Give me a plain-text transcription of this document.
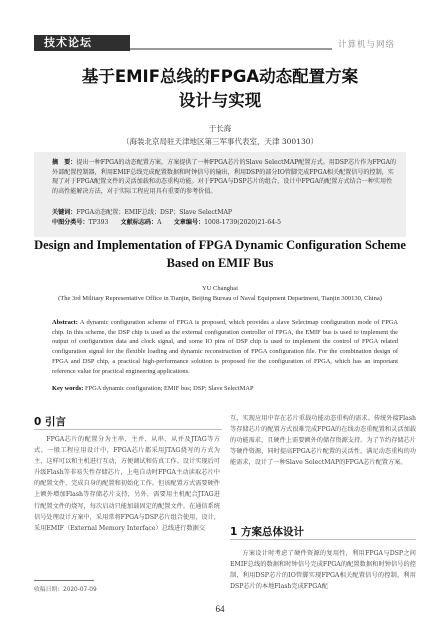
技术论坛	计算机与网络
基于EMIF总线的FPGA动态配置方案
设计与实现
于长海
（海装北京局驻天津地区第三军事代表室，天津 300130）
摘　要：提出一种FPGA的动态配置方案，方案提供了一种FPGA芯片的Slave SelectMAP配置方式。用DSP芯片作为FPGA的外部配置控制器，利用EMIF总线完成配置数据和时钟信号的输出，利用DSP的部分IO管脚完成FPGA相关配置信号的控制，实现了对于FPGA配置文件的灵活加载和动态重构功能。对于FPGA与DSP芯片的组合，设计中FPGA的配置方式结合一种实用性的高性能解决方法，对于实际工程应用具有重要的参考价值。
关键词：FPGA动态配置；EMIF总线；DSP；Slave SelectMAP
中图分类号：TP393　　 文献标志码：A　　 文章编号：1008-1739(2020)21-64-5
Design and Implementation of FPGA Dynamic Configuration Scheme
Based on EMIF Bus
YU Changhai
(The 3rd Military Representative Office in Tianjin, Beijing Bureau of Naval Equipment Department, Tianjin 300130, China)
Abstract: A dynamic configuration scheme of FPGA is proposed, which provides a slave Selectmap configuration mode of FPGA chip. In this scheme, the DSP chip is used as the external configuration controller of FPGA, the EMIF bus is used to implement the output of configuration data and clock signal, and some IO pins of DSP chip is used to implement the control of FPGA related configuration signal for the flexible loading and dynamic reconstruction of FPGA configuration file. For the combination design of FPGA and DSP chip, a practical high-performance solution is proposed for the configuration of FPGA, which has an important reference value for practical engineering applications.
Key words: FPGA dynamic configuration; EMIF bus; DSP; Slave SelectMAP
0 引言

FPGA芯片的配置分为主串、主并、从串、从并及JTAG等方式。一般工程应用设计中，FPGA芯片都采用JTAG烧写的方式为主，这样可以和主机进行互动，方便调试和仿真工作。设计实现后可升级Flash等非易失性存储芯片，上电自动时FPGA主动读取芯片中的配置文件，完成自身的配置和初始化工作。但该配置方式需要硬件上额外增加Flash等存储芯片支持，另外，需要用主机配合JTAG进行配置文件的烧写，每次启动只能加载固定的配置文件。在通信系统信号处理设计方案中，采用常将FPGA与DSP芯片组合使用，设计，采用EMIF（External Memory Interface）总线进行数据交

互，实现应用中存在芯片重载功能动态重构的需求。传统外接Flash等存储芯片的配置方式很难完成FPGA的在线动态重配置和灵活加载的功能需求，且硬件上需要额外的储存资源支持。为了节约存储芯片等硬件资源，同时提高FPGA芯片配置的灵活性，满足动态重构的功能需求，设计了一种Slave SelectMAP的FPGA芯片配置方案。

1 方案总体设计

方案设计时考虑了硬件资源的复用性，利用FPGA与DSP之间EMIF总线的数据和时钟信号完成FPGA的配置数据和时钟信号的控制，利用DSP芯片的IO管脚实现FPGA相关配置信号的控制，利用DSP芯片的本地Flash完成FPGA配

收稿日期：2020-07-09
64
